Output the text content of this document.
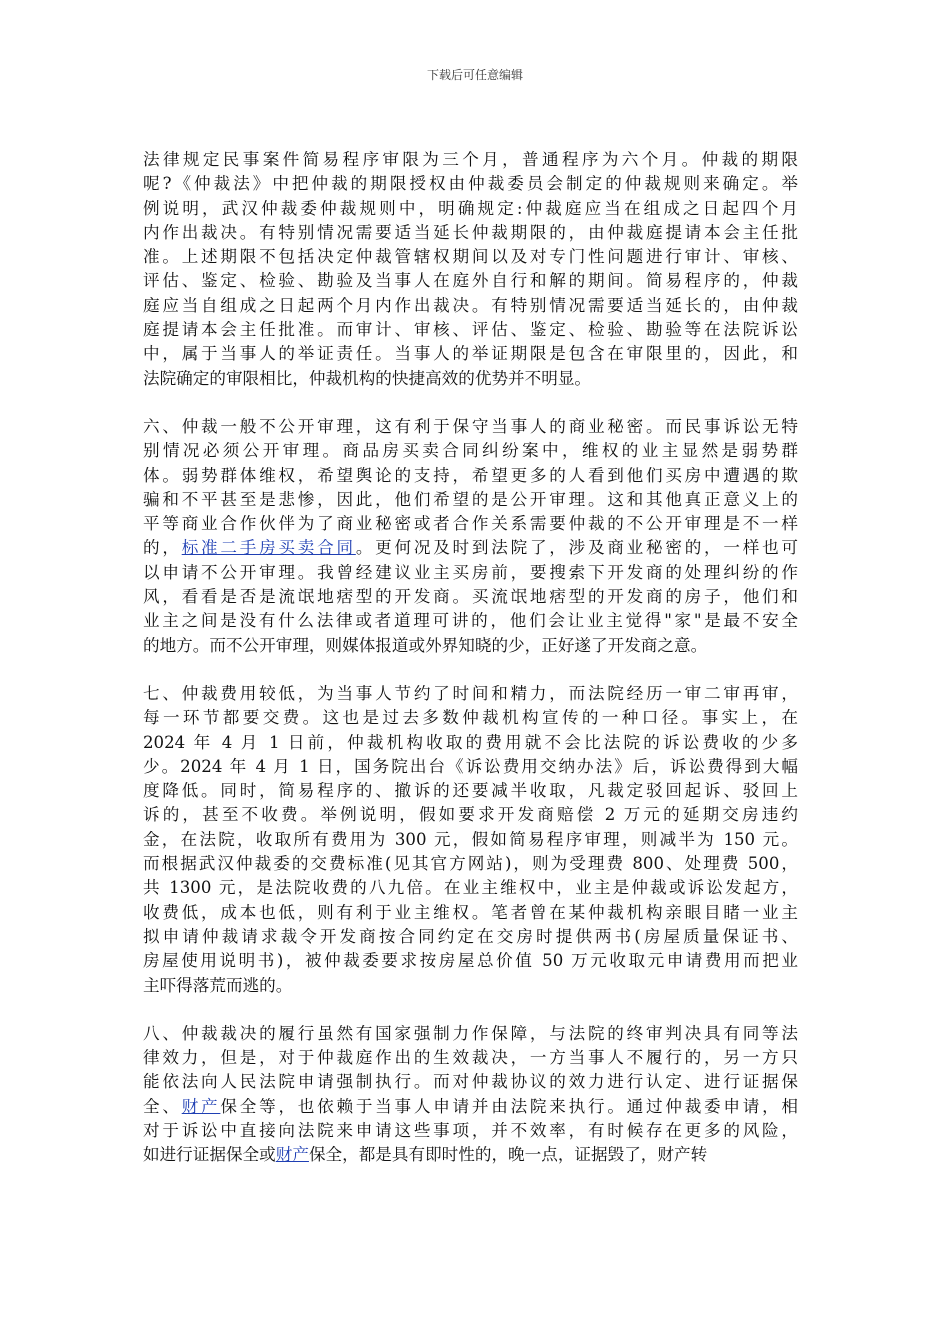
下载后可任意编辑
法律规定民事案件简易程序审限为三个月，普通程序为六个月。仲裁的期限
呢?《仲裁法》中把仲裁的期限授权由仲裁委员会制定的仲裁规则来确定。举
例说明，武汉仲裁委仲裁规则中，明确规定:仲裁庭应当在组成之日起四个月
内作出裁决。有特别情况需要适当延长仲裁期限的，由仲裁庭提请本会主任批
准。上述期限不包括决定仲裁管辖权期间以及对专门性问题进行审计、审核、
评估、鉴定、检验、勘验及当事人在庭外自行和解的期间。简易程序的，仲裁
庭应当自组成之日起两个月内作出裁决。有特别情况需要适当延长的，由仲裁
庭提请本会主任批准。而审计、审核、评估、鉴定、检验、勘验等在法院诉讼
中，属于当事人的举证责任。当事人的举证期限是包含在审限里的，因此，和
法院确定的审限相比，仲裁机构的快捷高效的优势并不明显。
六、仲裁一般不公开审理，这有利于保守当事人的商业秘密。而民事诉讼无特
别情况必须公开审理。商品房买卖合同纠纷案中，维权的业主显然是弱势群
体。弱势群体维权，希望舆论的支持，希望更多的人看到他们买房中遭遇的欺
骗和不平甚至是悲惨，因此，他们希望的是公开审理。这和其他真正意义上的
平等商业合作伙伴为了商业秘密或者合作关系需要仲裁的不公开审理是不一样
的，标准二手房买卖合同。更何况及时到法院了，涉及商业秘密的，一样也可
以申请不公开审理。我曾经建议业主买房前，要搜索下开发商的处理纠纷的作
风，看看是否是流氓地痞型的开发商。买流氓地痞型的开发商的房子，他们和
业主之间是没有什么法律或者道理可讲的，他们会让业主觉得"家"是最不安全
的地方。而不公开审理，则媒体报道或外界知晓的少，正好遂了开发商之意。
七、仲裁费用较低，为当事人节约了时间和精力，而法院经历一审二审再审，
每一环节都要交费。这也是过去多数仲裁机构宣传的一种口径。事实上，在
2024 年 4 月 1 日前，仲裁机构收取的费用就不会比法院的诉讼费收的少多
少。2024 年 4 月 1 日，国务院出台《诉讼费用交纳办法》后，诉讼费得到大幅
度降低。同时，简易程序的、撤诉的还要减半收取，凡裁定驳回起诉、驳回上
诉的，甚至不收费。举例说明，假如要求开发商赔偿 2 万元的延期交房违约
金，在法院，收取所有费用为 300 元，假如简易程序审理，则减半为 150 元。
而根据武汉仲裁委的交费标准(见其官方网站)，则为受理费 800、处理费 500，
共 1300 元，是法院收费的八九倍。在业主维权中，业主是仲裁或诉讼发起方，
收费低，成本也低，则有利于业主维权。笔者曾在某仲裁机构亲眼目睹一业主
拟申请仲裁请求裁令开发商按合同约定在交房时提供两书(房屋质量保证书、
房屋使用说明书)，被仲裁委要求按房屋总价值 50 万元收取元申请费用而把业
主吓得落荒而逃的。
八、仲裁裁决的履行虽然有国家强制力作保障，与法院的终审判决具有同等法
律效力，但是，对于仲裁庭作出的生效裁决，一方当事人不履行的，另一方只
能依法向人民法院申请强制执行。而对仲裁协议的效力进行认定、进行证据保
全、财产保全等，也依赖于当事人申请并由法院来执行。通过仲裁委申请，相
对于诉讼中直接向法院来申请这些事项，并不效率，有时候存在更多的风险，
如进行证据保全或财产保全，都是具有即时性的，晚一点，证据毁了，财产转
